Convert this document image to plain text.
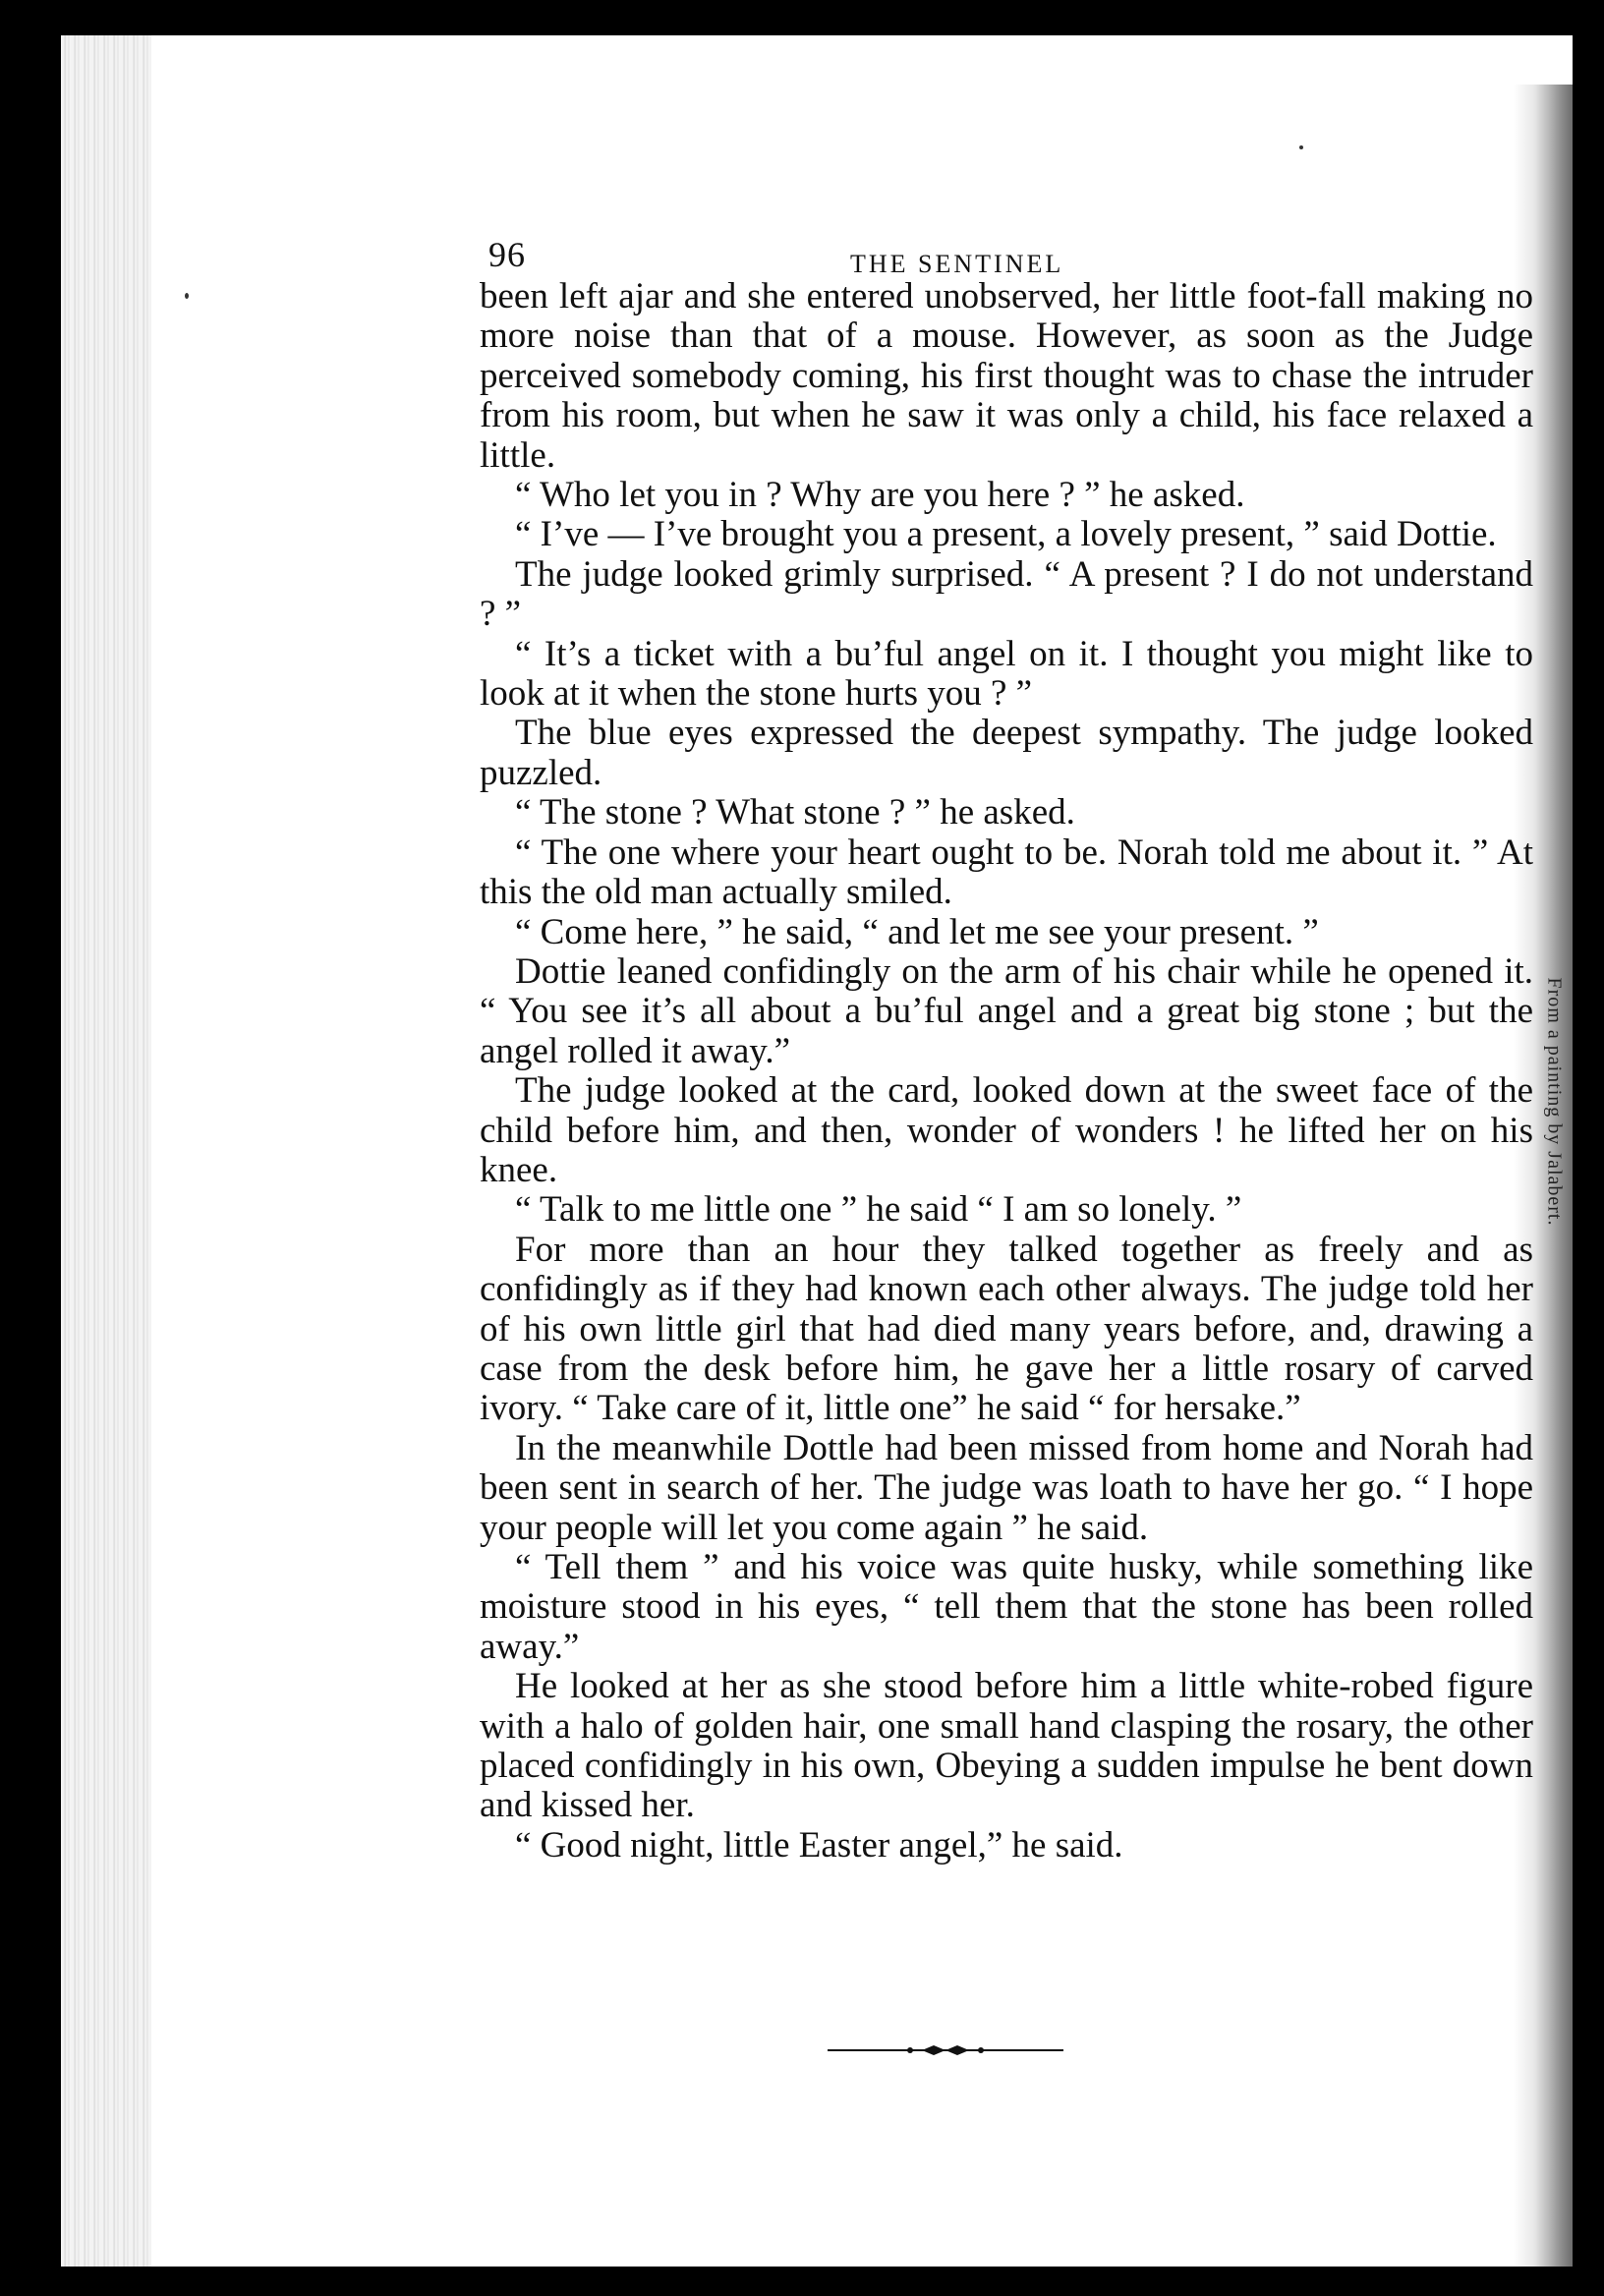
96	THE SENTINEL

been left ajar and she entered unobserved, her little foot-fall making no more noise than that of a mouse. However, as soon as the Judge perceived somebody coming, his first thought was to chase the intruder from his room, but when he saw it was only a child, his face relaxed a little.

“ Who let you in ? Why are you here ? ” he asked.

“ I’ve — I’ve brought you a present, a lovely present, ” said Dottie.

The judge looked grimly surprised. “ A present ? I do not understand ? ”

“ It’s a ticket with a bu’ful angel on it. I thought you might like to look at it when the stone hurts you ? ”

The blue eyes expressed the deepest sympathy. The judge looked puzzled.

“ The stone ? What stone ? ” he asked.

“ The one where your heart ought to be. Norah told me about it. ” At this the old man actually smiled.

“ Come here, ” he said, “ and let me see your present. ”

Dottie leaned confidingly on the arm of his chair while he opened it. “ You see it’s all about a bu’ful angel and a great big stone ; but the angel rolled it away.”

The judge looked at the card, looked down at the sweet face of the child before him, and then, wonder of wonders ! he lifted her on his knee.

“ Talk to me little one ” he said “ I am so lonely. ”

For more than an hour they talked together as freely and as confidingly as if they had known each other always. The judge told her of his own little girl that had died many years before, and, drawing a case from the desk before him, he gave her a little rosary of carved ivory. “ Take care of it, little one” he said “ for hersake.”

In the meanwhile Dottle had been missed from home and Norah had been sent in search of her. The judge was loath to have her go. “ I hope your people will let you come again ” he said.

“ Tell them ” and his voice was quite husky, while something like moisture stood in his eyes, “ tell them that the stone has been rolled away.”

He looked at her as she stood before him a little white-robed figure with a halo of golden hair, one small hand clasping the rosary, the other placed confidingly in his own, Obeying a sudden impulse he bent down and kissed her.

“ Good night, little Easter angel,” he said.

From a painting by Jalabert.
